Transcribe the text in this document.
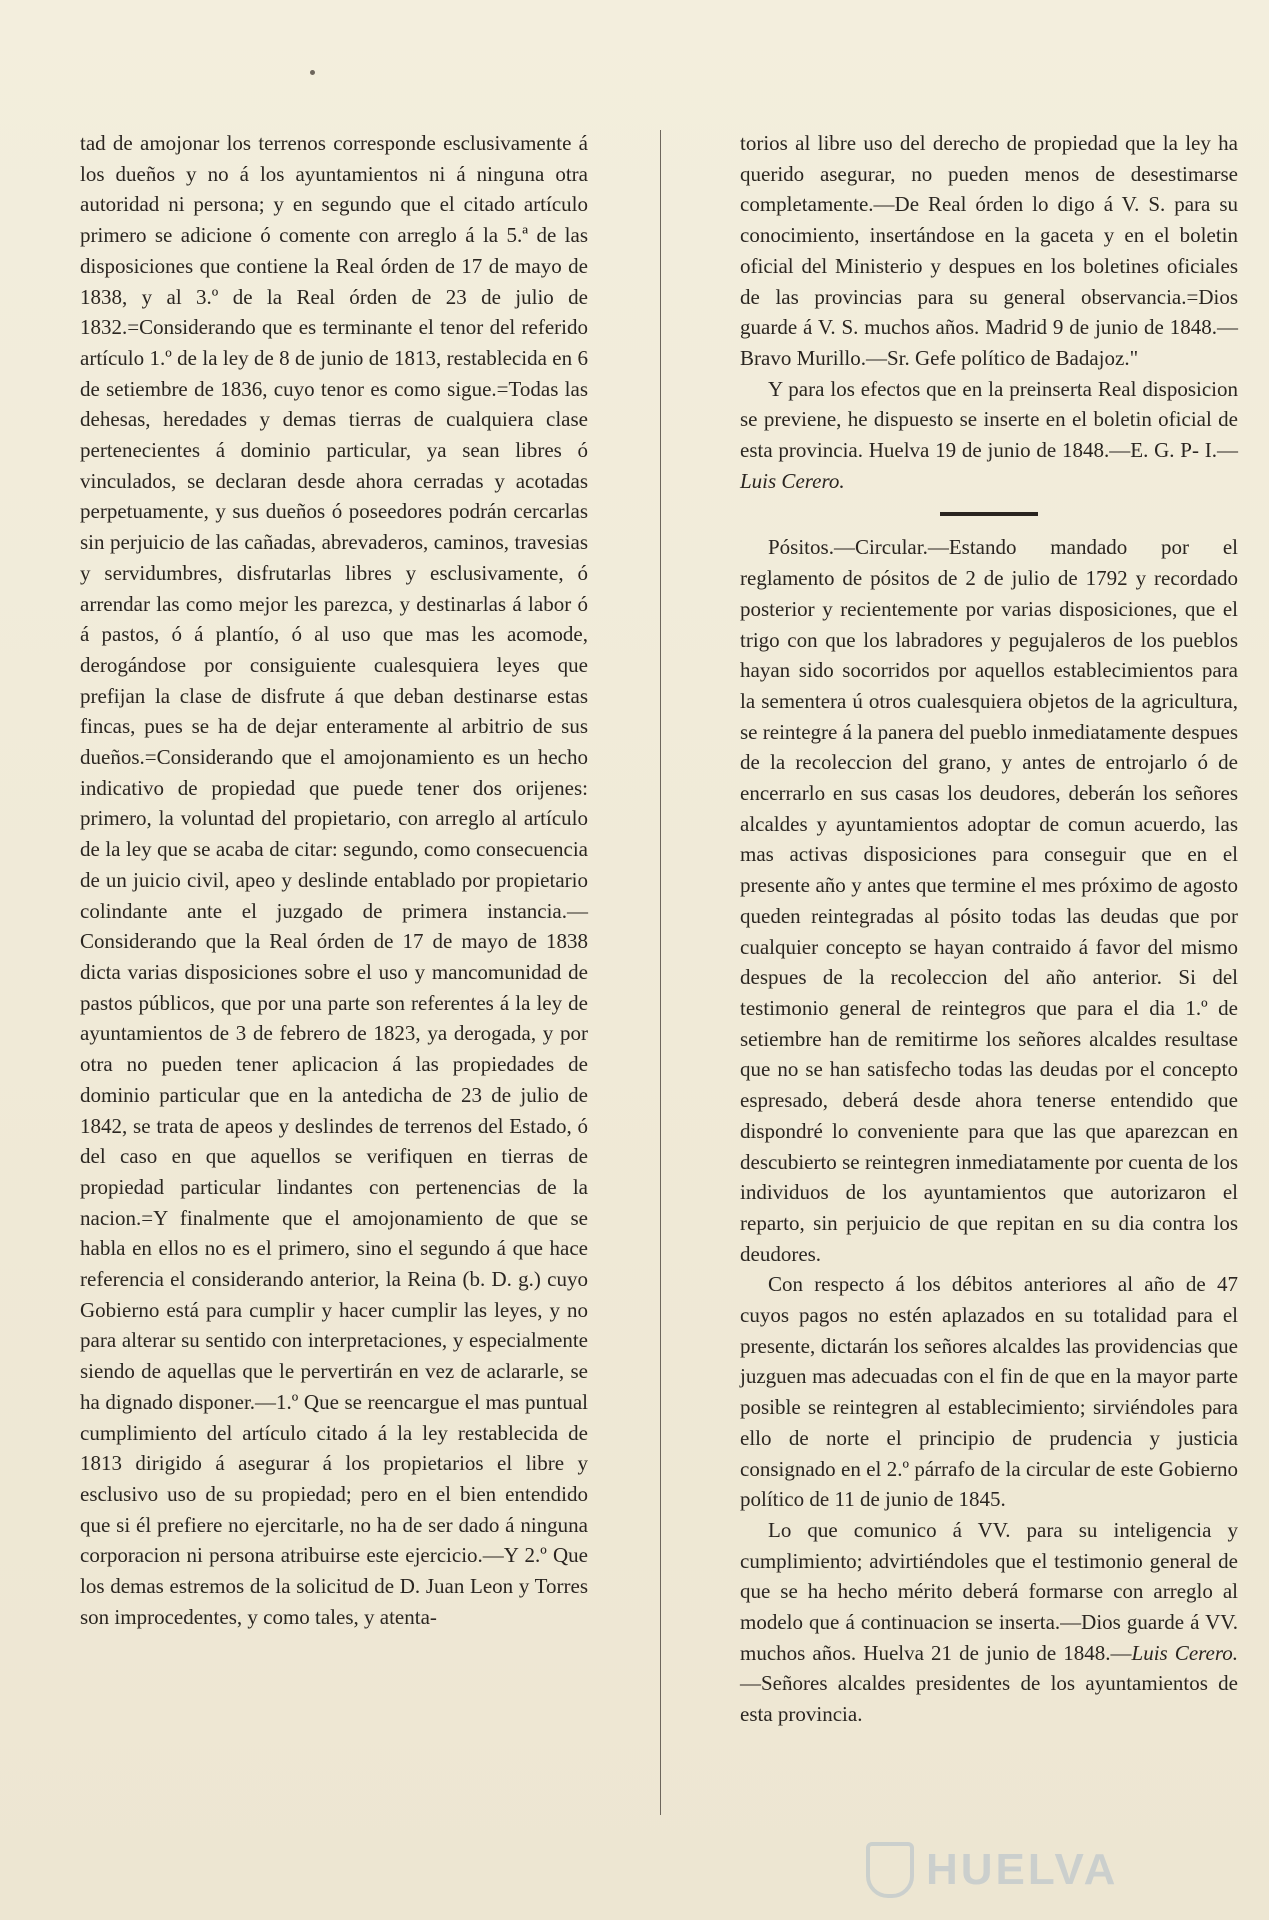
tad de amojonar los terrenos corresponde esclusivamente á los dueños y no á los ayuntamientos ni á ninguna otra autoridad ni persona; y en segundo que el citado artículo primero se adicione ó comente con arreglo á la 5.ª de las disposiciones que contiene la Real órden de 17 de mayo de 1838, y al 3.º de la Real órden de 23 de julio de 1832.=Considerando que es terminante el tenor del referido artículo 1.º de la ley de 8 de junio de 1813, restablecida en 6 de setiembre de 1836, cuyo tenor es como sigue.=Todas las dehesas, heredades y demas tierras de cualquiera clase pertenecientes á dominio particular, ya sean libres ó vinculados, se declaran desde ahora cerradas y acotadas perpetuamente, y sus dueños ó poseedores podrán cercarlas sin perjuicio de las cañadas, abrevaderos, caminos, travesias y servidumbres, disfrutarlas libres y esclusivamente, ó arrendar las como mejor les parezca, y destinarlas á labor ó á pastos, ó á plantío, ó al uso que mas les acomode, derogándose por consiguiente cualesquiera leyes que prefijan la clase de disfrute á que deban destinarse estas fincas, pues se ha de dejar enteramente al arbitrio de sus dueños.=Considerando que el amojonamiento es un hecho indicativo de propiedad que puede tener dos orijenes: primero, la voluntad del propietario, con arreglo al artículo de la ley que se acaba de citar: segundo, como consecuencia de un juicio civil, apeo y deslinde entablado por propietario colindante ante el juzgado de primera instancia.—Considerando que la Real órden de 17 de mayo de 1838 dicta varias disposiciones sobre el uso y mancomunidad de pastos públicos, que por una parte son referentes á la ley de ayuntamientos de 3 de febrero de 1823, ya derogada, y por otra no pueden tener aplicacion á las propiedades de dominio particular que en la antedicha de 23 de julio de 1842, se trata de apeos y deslindes de terrenos del Estado, ó del caso en que aquellos se verifiquen en tierras de propiedad particular lindantes con pertenencias de la nacion.=Y finalmente que el amojonamiento de que se habla en ellos no es el primero, sino el segundo á que hace referencia el considerando anterior, la Reina (b. D. g.) cuyo Gobierno está para cumplir y hacer cumplir las leyes, y no para alterar su sentido con interpretaciones, y especialmente siendo de aquellas que le pervertirán en vez de aclararle, se ha dignado disponer.—1.º Que se reencargue el mas puntual cumplimiento del artículo citado á la ley restablecida de 1813 dirigido á asegurar á los propietarios el libre y esclusivo uso de su propiedad; pero en el bien entendido que si él prefiere no ejercitarle, no ha de ser dado á ninguna corporacion ni persona atribuirse este ejercicio.—Y 2.º Que los demas estremos de la solicitud de D. Juan Leon y Torres son improcedentes, y como tales, y atenta-

torios al libre uso del derecho de propiedad que la ley ha querido asegurar, no pueden menos de desestimarse completamente.—De Real órden lo digo á V. S. para su conocimiento, insertándose en la gaceta y en el boletin oficial del Ministerio y despues en los boletines oficiales de las provincias para su general observancia.=Dios guarde á V. S. muchos años. Madrid 9 de junio de 1848.—Bravo Murillo.—Sr. Gefe político de Badajoz."

Y para los efectos que en la preinserta Real disposicion se previene, he dispuesto se inserte en el boletin oficial de esta provincia. Huelva 19 de junio de 1848.—E. G. P- I.—Luis Cerero.

Pósitos.—Circular.—Estando mandado por el reglamento de pósitos de 2 de julio de 1792 y recordado posterior y recientemente por varias disposiciones, que el trigo con que los labradores y pegujaleros de los pueblos hayan sido socorridos por aquellos establecimientos para la sementera ú otros cualesquiera objetos de la agricultura, se reintegre á la panera del pueblo inmediatamente despues de la recoleccion del grano, y antes de entrojarlo ó de encerrarlo en sus casas los deudores, deberán los señores alcaldes y ayuntamientos adoptar de comun acuerdo, las mas activas disposiciones para conseguir que en el presente año y antes que termine el mes próximo de agosto queden reintegradas al pósito todas las deudas que por cualquier concepto se hayan contraido á favor del mismo despues de la recoleccion del año anterior. Si del testimonio general de reintegros que para el dia 1.º de setiembre han de remitirme los señores alcaldes resultase que no se han satisfecho todas las deudas por el concepto espresado, deberá desde ahora tenerse entendido que dispondré lo conveniente para que las que aparezcan en descubierto se reintegren inmediatamente por cuenta de los individuos de los ayuntamientos que autorizaron el reparto, sin perjuicio de que repitan en su dia contra los deudores.

Con respecto á los débitos anteriores al año de 47 cuyos pagos no estén aplazados en su totalidad para el presente, dictarán los señores alcaldes las providencias que juzguen mas adecuadas con el fin de que en la mayor parte posible se reintegren al establecimiento; sirviéndoles para ello de norte el principio de prudencia y justicia consignado en el 2.º párrafo de la circular de este Gobierno político de 11 de junio de 1845.

Lo que comunico á VV. para su inteligencia y cumplimiento; advirtiéndoles que el testimonio general de que se ha hecho mérito deberá formarse con arreglo al modelo que á continuacion se inserta.—Dios guarde á VV. muchos años. Huelva 21 de junio de 1848.—Luis Cerero.—Señores alcaldes presidentes de los ayuntamientos de esta provincia.

HUELVA
